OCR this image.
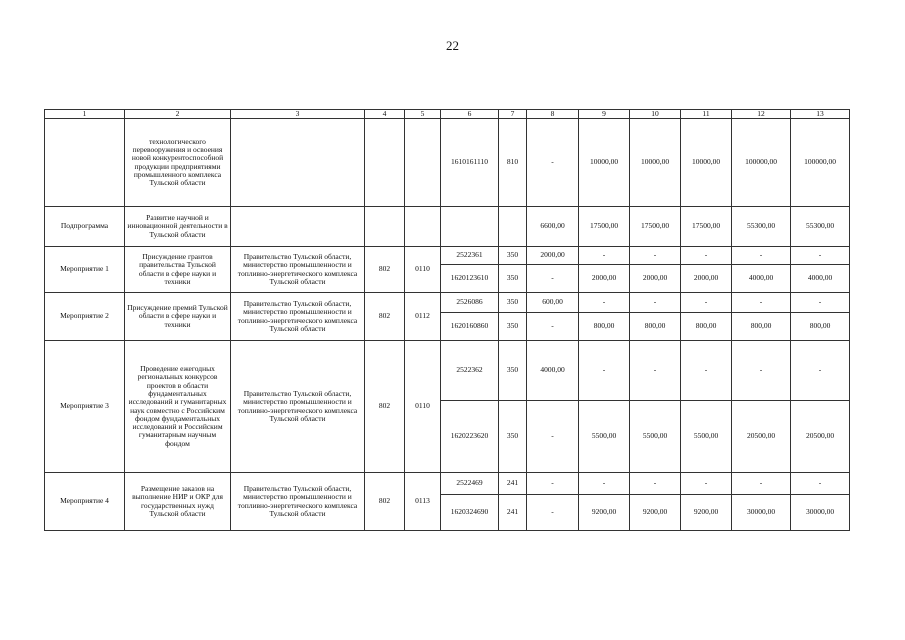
22
1	2	3	4	5	6	7	8	9	10	11	12	13
	технологического перевооружения и освоения новой конкурентоспособной продукции предприятиями промышленного комплекса Тульской области				1610161110	810	-	10000,00	10000,00	10000,00	100000,00	100000,00
Подпрограмма	Развитие научной и инновационной деятельности в Тульской области						6600,00	17500,00	17500,00	17500,00	55300,00	55300,00
Мероприятие 1	Присуждение грантов правительства Тульской области в сфере науки и техники	Правительство Тульской области, министерство промышленности и топливно-энергетического комплекса Тульской области	802	0110	2522361	350	2000,00	-	-	-	-	-
					1620123610	350	-	2000,00	2000,00	2000,00	4000,00	4000,00
Мероприятие 2	Присуждение премий Тульской области в сфере науки и техники	Правительство Тульской области, министерство промышленности и топливно-энергетического комплекса Тульской области	802	0112	2526086	350	600,00	-	-	-	-	-
					1620160860	350	-	800,00	800,00	800,00	800,00	800,00
Мероприятие 3	Проведение ежегодных региональных конкурсов проектов в области фундаментальных исследований и гуманитарных наук совместно с Российским фондом фундаментальных исследований и Российским гуманитарным научным фондом	Правительство Тульской области, министерство промышленности и топливно-энергетического комплекса Тульской области	802	0110	2522362	350	4000,00	-	-	-	-	-
					1620223620	350	-	5500,00	5500,00	5500,00	20500,00	20500,00
Мероприятие 4	Размещение заказов на выполнение НИР и ОКР для государственных нужд Тульской области	Правительство Тульской области, министерство промышленности и топливно-энергетического комплекса Тульской области	802	0113	2522469	241	-	-	-	-	-	-
					1620324690	241	-	9200,00	9200,00	9200,00	30000,00	30000,00
